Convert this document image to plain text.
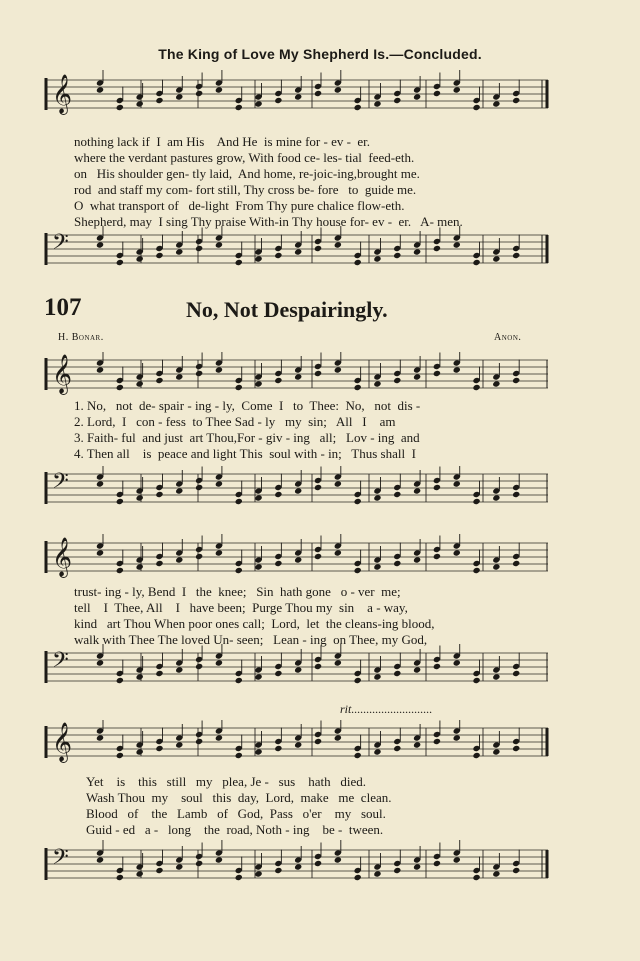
The King of Love My Shepherd Is.—Concluded.
𝄞
nothing lack if  I  am His    And He  is mine for - ev -  er.
where the verdant pastures grow, With food ce- les- tial  feed-eth.
on   His shoulder gen- tly laid,  And home, re-joic-ing,brought me.
rod  and staff my com- fort still, Thy cross be- fore   to  guide me.
O  what transport of   de-light  From Thy pure chalice flow-eth.
Shepherd, may  I sing Thy praise With-in Thy house for- ev -  er.   A- men.
𝄢
107	No, Not Despairingly.
H. Bonar.	Anon.
𝄞
1. No,   not  de- spair - ing - ly,  Come  I   to  Thee:  No,   not  dis -
2. Lord,  I   con - fess  to Thee Sad - ly   my  sin;   All   I    am
3. Faith- ful  and just  art Thou,For - giv - ing   all;   Lov - ing  and
4. Then all    is  peace and light This  soul with - in;   Thus shall  I
𝄢
𝄞
trust- ing - ly, Bend  I   the  knee;   Sin  hath gone   o - ver  me;
tell    I  Thee, All    I   have been;  Purge Thou my  sin    a - way,
kind   art Thou When poor ones call;  Lord,  let  the cleans-ing blood,
walk with Thee The loved Un- seen;   Lean - ing  on Thee, my God,
𝄢
rit...........................
𝄞
Yet    is    this   still   my   plea, Je -   sus    hath   died.
Wash Thou  my    soul   this  day,  Lord,  make   me  clean.
Blood   of    the   Lamb   of   God,  Pass   o'er    my   soul.
Guid - ed   a -   long    the  road, Noth - ing    be -  tween.
𝄢
